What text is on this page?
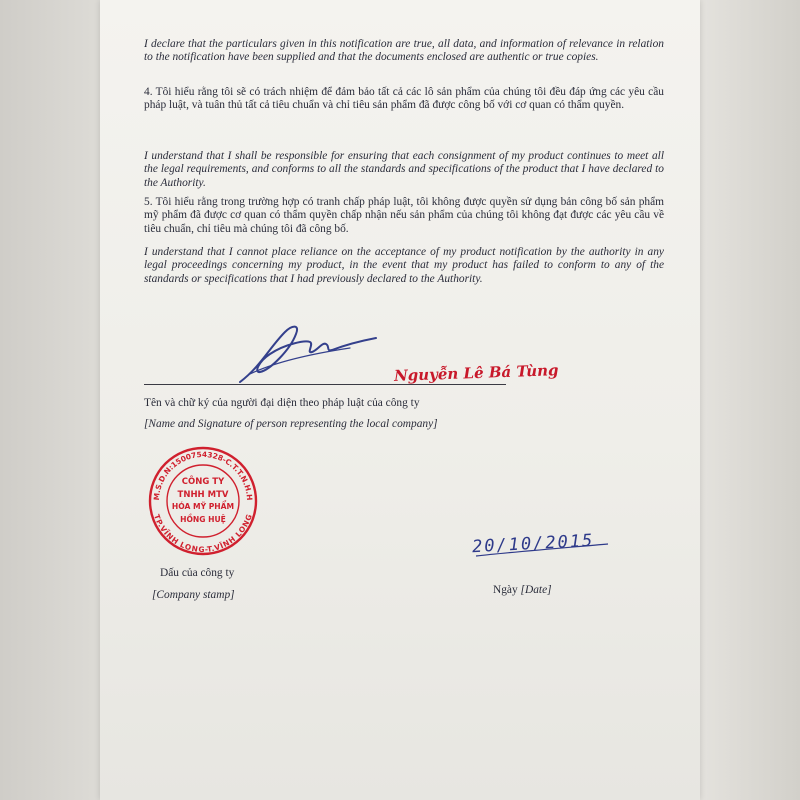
I declare that the particulars given in this notification are true, all data, and information of relevance in relation to the notification have been supplied and that the documents enclosed are authentic or true copies.

4. Tôi hiểu rằng tôi sẽ có trách nhiệm để đảm bảo tất cả các lô sản phẩm của chúng tôi đều đáp ứng các yêu cầu pháp luật, và tuân thủ tất cả tiêu chuẩn và chỉ tiêu sản phẩm đã được công bố với cơ quan có thẩm quyền.

I understand that I shall be responsible for ensuring that each consignment of my product continues to meet all the legal requirements, and conforms to all the standards and specifications of the product that I have declared to the Authority.

5. Tôi hiểu rằng trong trường hợp có tranh chấp pháp luật, tôi không được quyền sử dụng bản công bố sản phẩm mỹ phẩm đã được cơ quan có thẩm quyền chấp nhận nếu sản phẩm của chúng tôi không đạt được các yêu cầu về tiêu chuẩn, chỉ tiêu mà chúng tôi đã công bố.

I understand that I cannot place reliance on the acceptance of my product notification by the authority in any legal proceedings concerning my product, in the event that my product has failed to conform to any of the standards or specifications that I had previously declared to the Authority.

Nguyễn Lê Bá Tùng

Tên và chữ ký của người đại diện theo pháp luật của công ty

[Name and Signature of person representing the local company]

M.S.D.N:1500754328-C.T.T.N.H.H
TP.VĨNH LONG-T.VĨNH LONG
CÔNG TY
TNHH MTV
HÓA MỸ PHẨM
HỒNG HUỆ

Dấu của công ty

[Company stamp]

20/10/2015

Ngày [Date]
